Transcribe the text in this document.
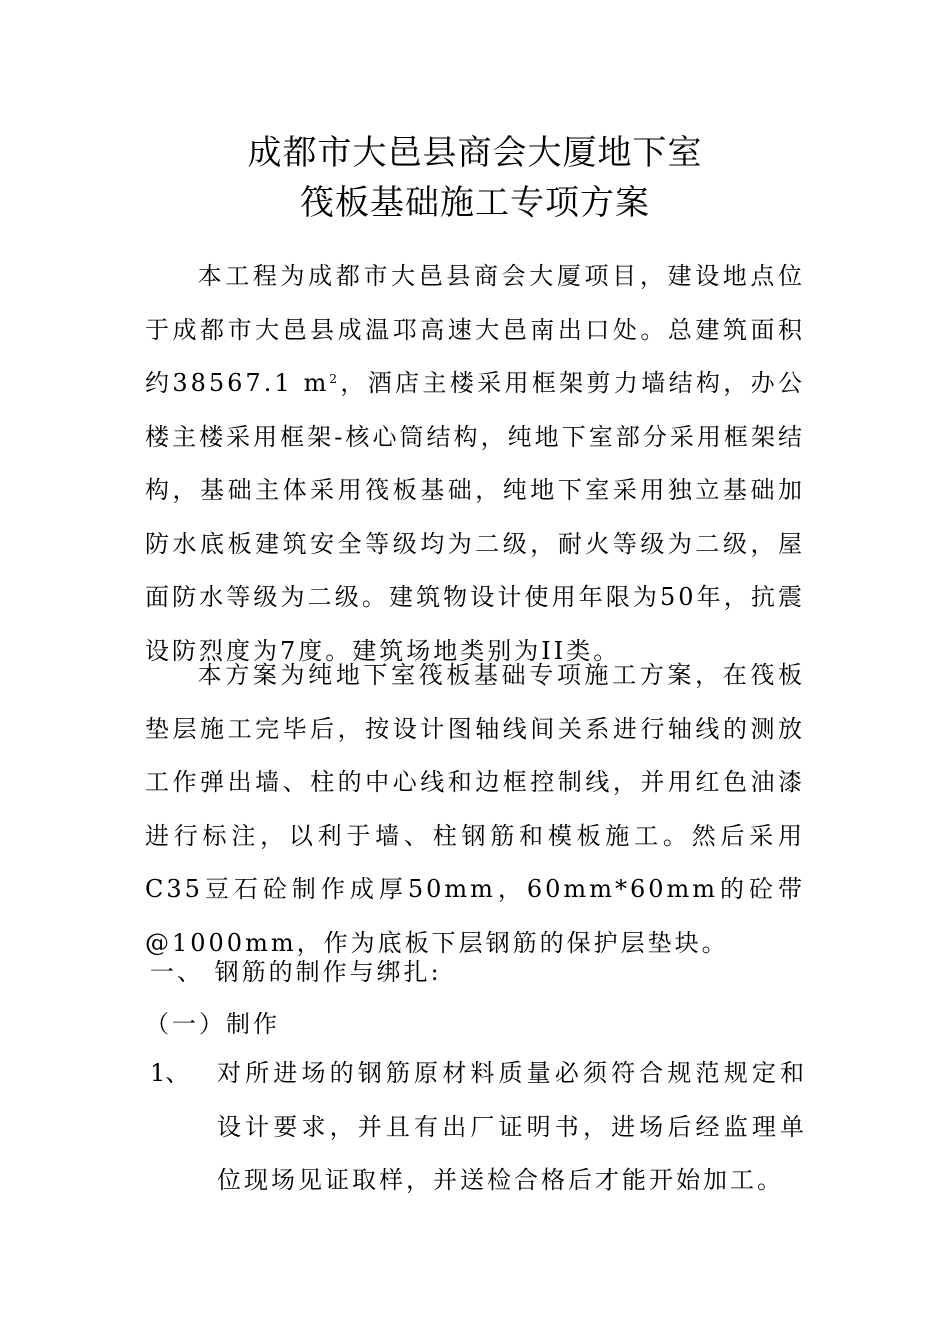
成都市大邑县商会大厦地下室
筏板基础施工专项方案
本工程为成都市大邑县商会大厦项目，建设地点位于成都市大邑县成温邛高速大邑南出口处。总建筑面积约38567.1 $m^2$，酒店主楼采用框架剪力墙结构，办公楼主楼采用框架-核心筒结构，纯地下室部分采用框架结构，基础主体采用筏板基础，纯地下室采用独立基础加防水底板建筑安全等级均为二级，耐火等级为二级，屋面防水等级为二级。建筑物设计使用年限为50年，抗震设防烈度为7度。建筑场地类别为II类。
本方案为纯地下室筏板基础专项施工方案，在筏板垫层施工完毕后，按设计图轴线间关系进行轴线的测放工作弹出墙、柱的中心线和边框控制线，并用红色油漆进行标注，以利于墙、柱钢筋和模板施工。然后采用C35豆石砼制作成厚50mm，60mm*60mm的砼带@1000mm，作为底板下层钢筋的保护层垫块。
一、 钢筋的制作与绑扎:
（一）制作
1、 对所进场的钢筋原材料质量必须符合规范规定和设计要求，并且有出厂证明书，进场后经监理单位现场见证取样，并送检合格后才能开始加工。
